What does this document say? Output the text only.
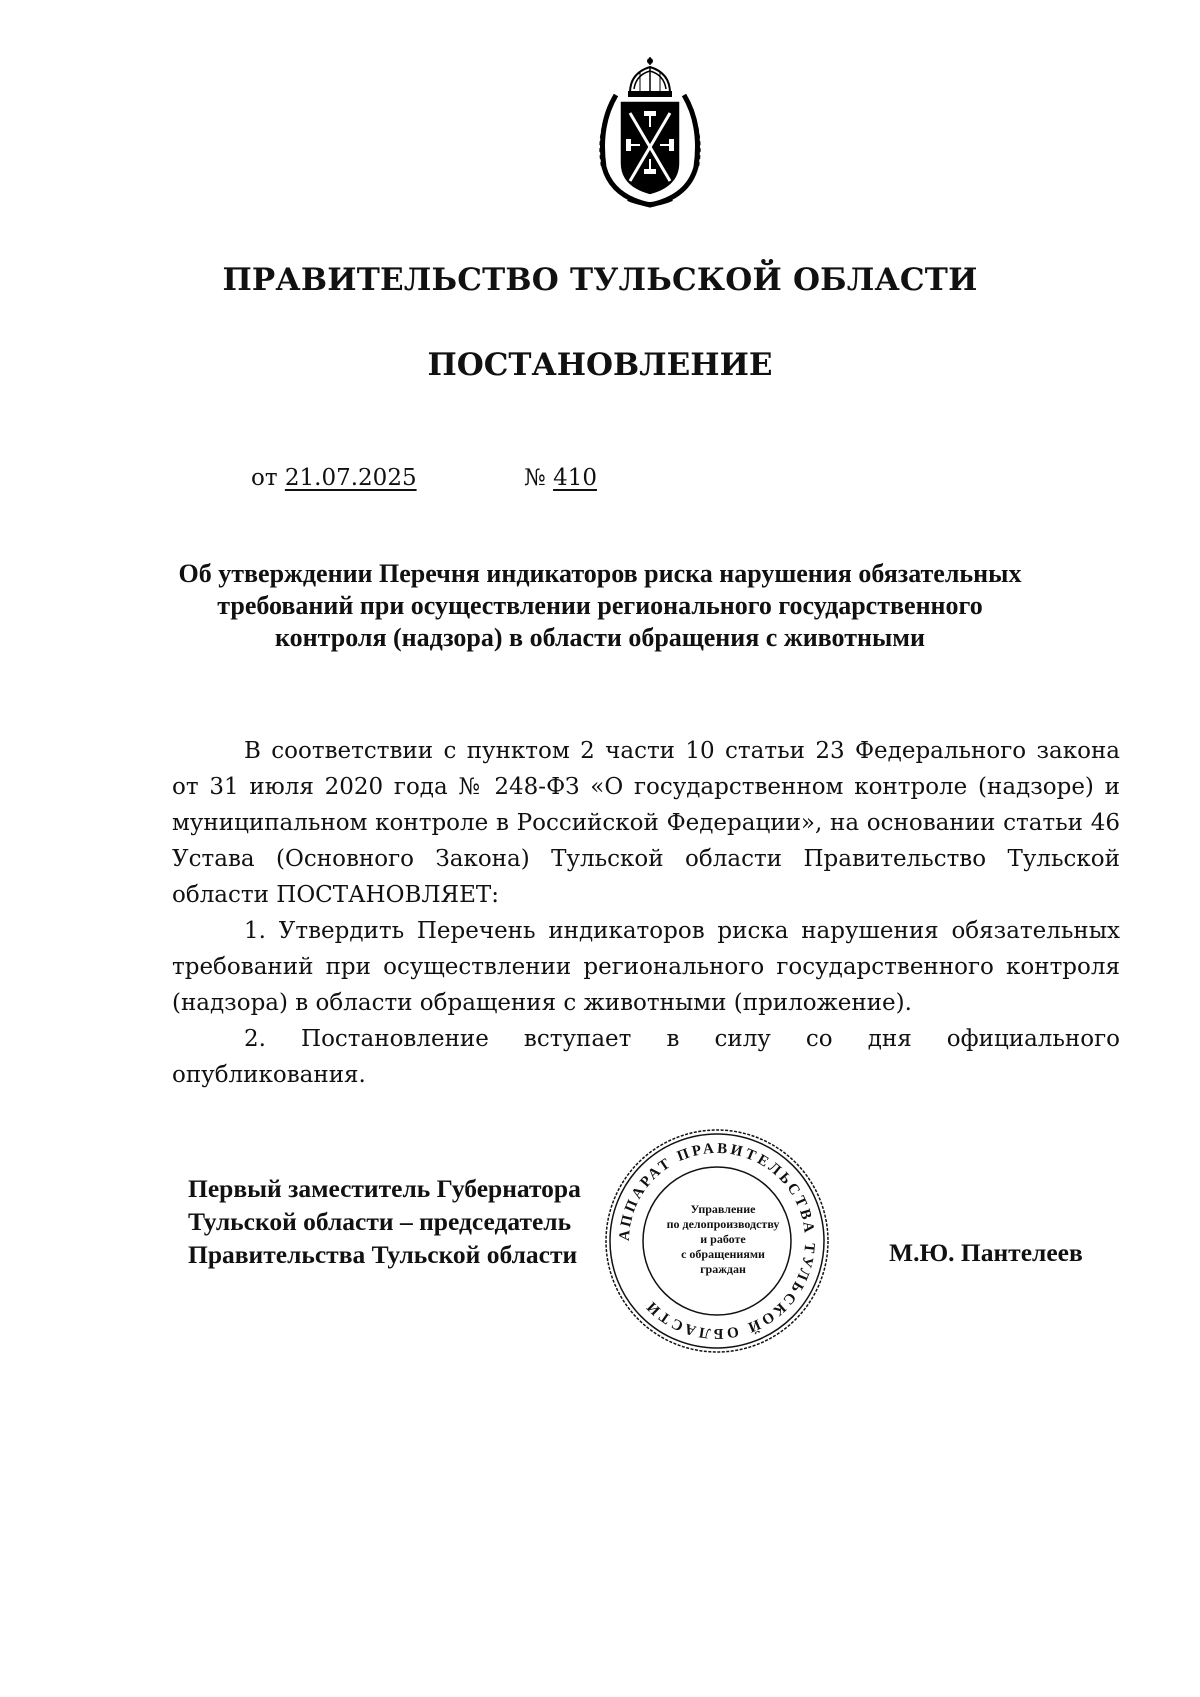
ПРАВИТЕЛЬСТВО ТУЛЬСКОЙ ОБЛАСТИ
ПОСТАНОВЛЕНИЕ
от 21.07.2025	№ 410
Об утверждении Перечня индикаторов риска нарушения обязательных
требований при осуществлении регионального государственного
контроля (надзора) в области обращения с животными

В соответствии с пунктом 2 части 10 статьи 23 Федерального закона от 31 июля 2020 года № 248-ФЗ «О государственном контроле (надзоре) и муниципальном контроле в Российской Федерации», на основании статьи 46 Устава (Основного Закона) Тульской области Правительство Тульской области ПОСТАНОВЛЯЕТ:

1. Утвердить Перечень индикаторов риска нарушения обязательных требований при осуществлении регионального государственного контроля (надзора) в области обращения с животными (приложение).

2. Постановление вступает в силу со дня официального опубликования.

Первый заместитель Губернатора
Тульской области – председатель
Правительства Тульской области
АППАРАТ ПРАВИТЕЛЬСТВА ТУЛЬСКОЙ ОБЛАСТИ
Управление
по делопроизводству
и работе
с обращениями
граждан
М.Ю. Пантелеев
